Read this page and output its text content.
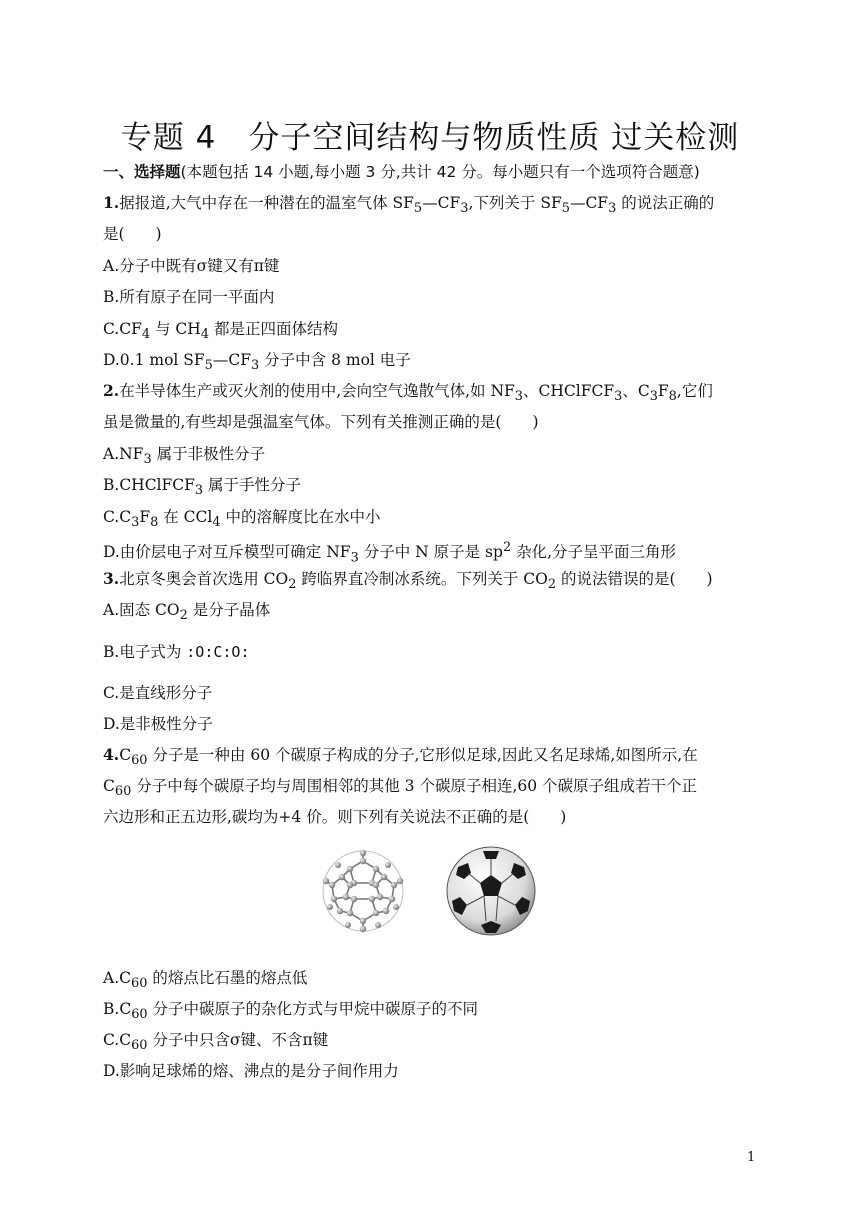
专题 4　分子空间结构与物质性质 过关检测
一、选择题(本题包括 14 小题,每小题 3 分,共计 42 分。每小题只有一个选项符合题意)
1.据报道,大气中存在一种潜在的温室气体 $SF_5—CF_3$,下列关于 $SF_5—CF_3$ 的说法正确的
是(　　)
A.分子中既有σ键又有π键
B.所有原子在同一平面内
$C.CF_4$ 与 $CH_4$ 都是正四面体结构
D.0.1 mol $SF_5—CF_3$ 分子中含 8 mol 电子
2.在半导体生产或灭火剂的使用中,会向空气逸散气体,如 $NF_3$、CHClFCF$_3$、$C_3F_8$,它们
虽是微量的,有些却是强温室气体。下列有关推测正确的是(　　)
$A.NF_3$ 属于非极性分子
B.CHClFCF$_3$ 属于手性分子
$C.C_3F_8$ 在 CCl$_4$ 中的溶解度比在水中小
D.由价层电子对互斥模型可确定 $NF_3$ 分子中 N 原子是 $sp^2$ 杂化,分子呈平面三角形
3.北京冬奥会首次选用 $CO_2$ 跨临界直冷制冰系统。下列关于 $CO_2$ 的说法错误的是(　　)
A.固态 $CO_2$ 是分子晶体
B.电子式为 :O:C:O:
C.是直线形分子
D.是非极性分子
$4.C_{60}$ 分子是一种由 60 个碳原子构成的分子,它形似足球,因此又名足球烯,如图所示,在
$C_{60}$ 分子中每个碳原子均与周围相邻的其他 3 个碳原子相连,60 个碳原子组成若干个正
六边形和正五边形,碳均为+4 价。则下列有关说法不正确的是(　　)
$A.C_{60}$ 的熔点比石墨的熔点低
$B.C_{60}$ 分子中碳原子的杂化方式与甲烷中碳原子的不同
$C.C_{60}$ 分子中只含σ键、不含π键
D.影响足球烯的熔、沸点的是分子间作用力
1
